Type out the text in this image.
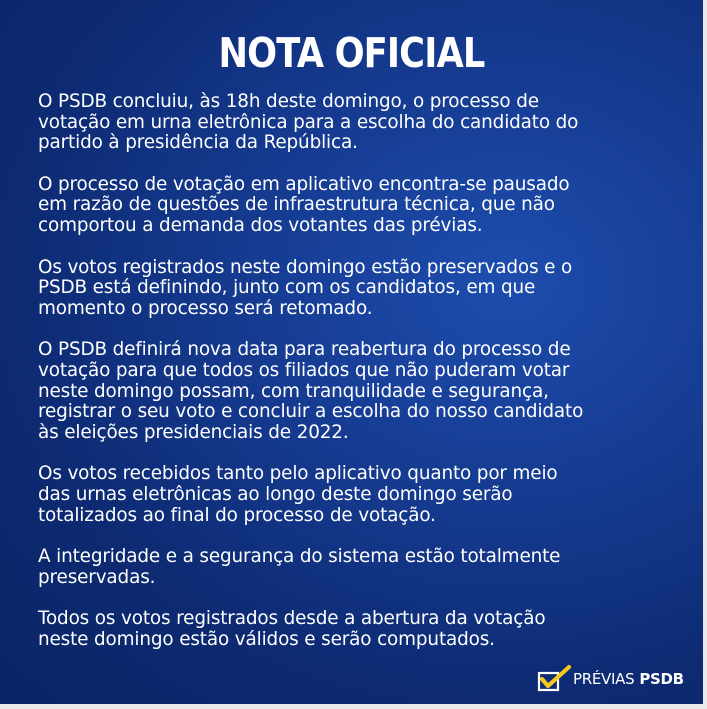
NOTA OFICIAL
O PSDB concluiu, às 18h deste domingo, o processo de
votação em urna eletrônica para a escolha do candidato do
partido à presidência da República.
O processo de votação em aplicativo encontra-se pausado
em razão de questões de infraestrutura técnica, que não
comportou a demanda dos votantes das prévias.
Os votos registrados neste domingo estão preservados e o
PSDB está definindo, junto com os candidatos, em que
momento o processo será retomado.
O PSDB definirá nova data para reabertura do processo de
votação para que todos os filiados que não puderam votar
neste domingo possam, com tranquilidade e segurança,
registrar o seu voto e concluir a escolha do nosso candidato
às eleições presidenciais de 2022.
Os votos recebidos tanto pelo aplicativo quanto por meio
das urnas eletrônicas ao longo deste domingo serão
totalizados ao final do processo de votação.
A integridade e a segurança do sistema estão totalmente
preservadas.
Todos os votos registrados desde a abertura da votação
neste domingo estão válidos e serão computados.
PRÉVIAS PSDB
